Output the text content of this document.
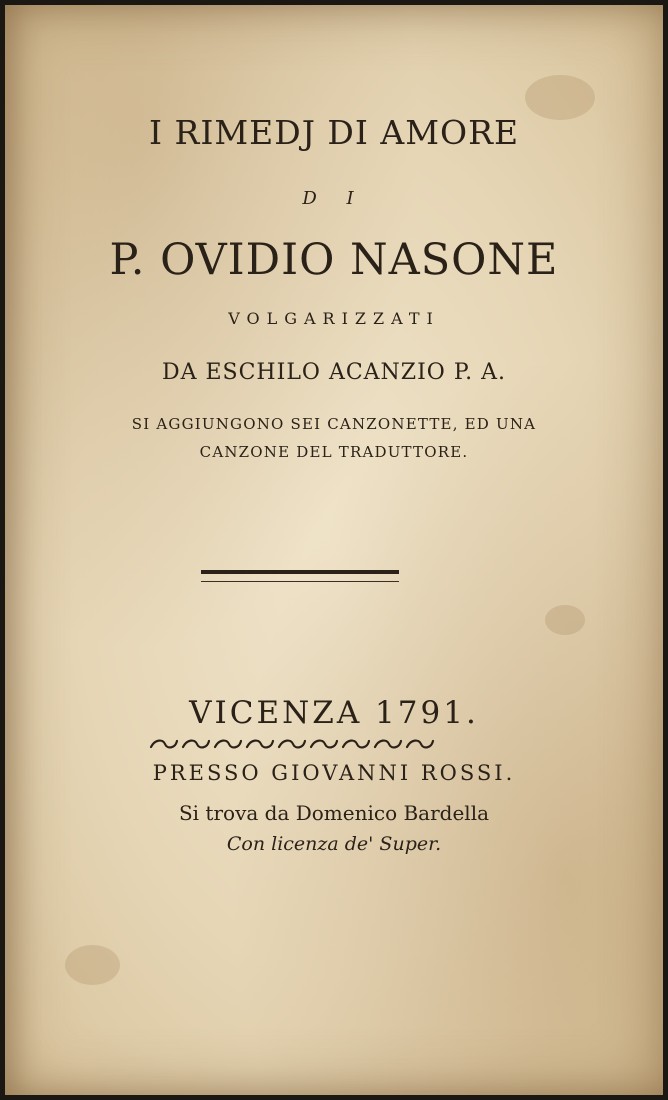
I RIMEDJ DI AMORE
D I
P. OVIDIO NASONE
VOLGARIZZATI
DA ESCHILO ACANZIO P. A.
SI AGGIUNGONO SEI CANZONETTE, ED UNA
CANZONE DEL TRADUTTORE.
VICENZA 1791.
PRESSO GIOVANNI ROSSI.
Si trova da Domenico Bardella
Con licenza de' Super.
